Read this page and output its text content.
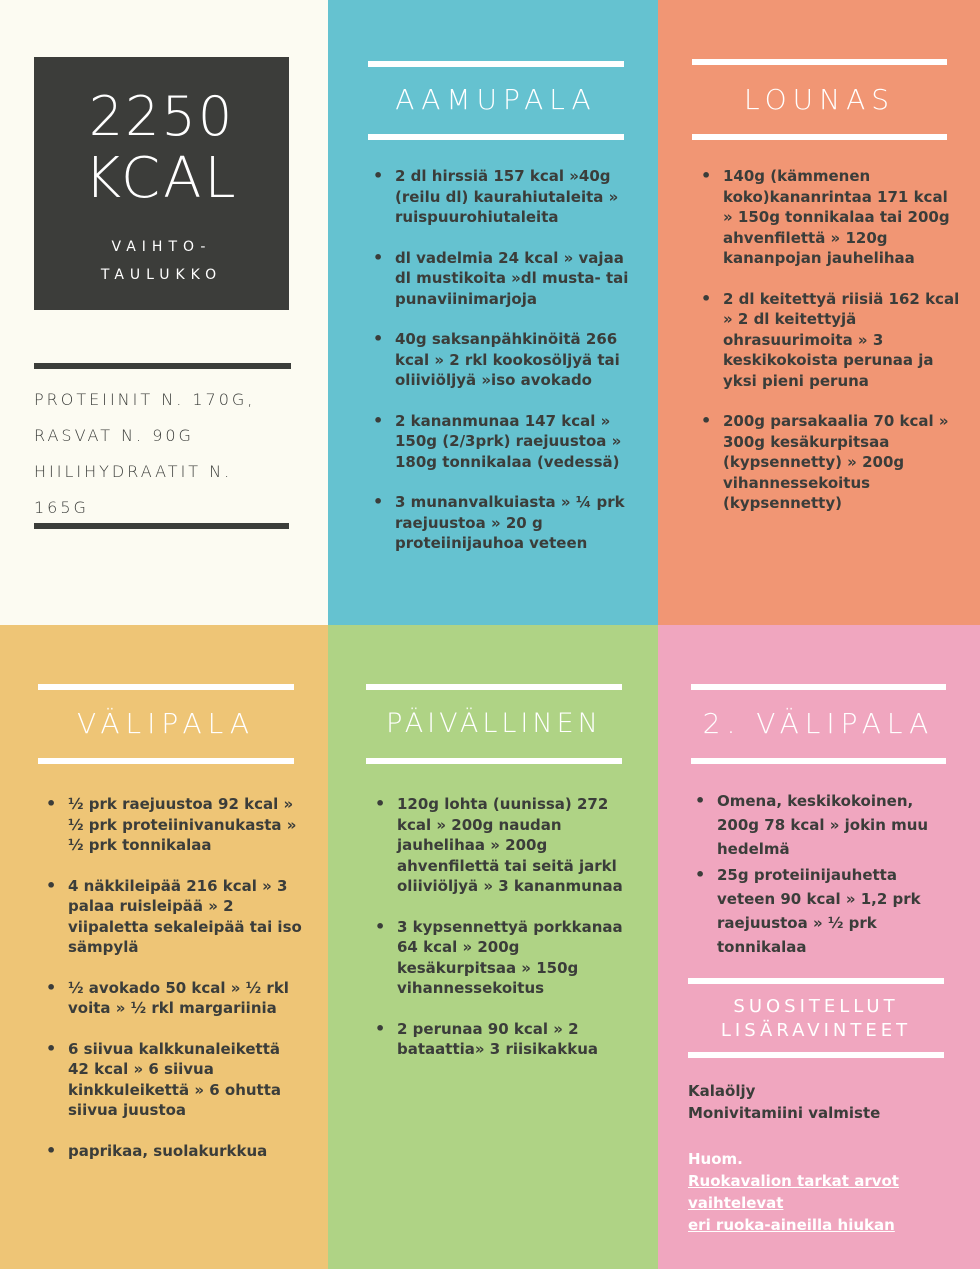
2250
KCAL
VAIHTO-
TAULUKKO
PROTEIINIT N. 170G,
RASVAT N. 90G
HIILIHYDRAATIT N.
165G
AAMUPALA
• 2 dl hirssiä 157 kcal »40g (reilu dl) kaurahiutaleita » ruispuurohiutaleita
• dl vadelmia 24 kcal » vajaa dl mustikoita »dl musta- tai punaviinimarjoja
• 40g saksanpähkinöitä 266 kcal » 2 rkl kookosöljyä tai oliiviöljyä »iso avokado
• 2 kananmunaa 147 kcal » 150g (2/3prk) raejuustoa » 180g tonnikalaa (vedessä)
• 3 munanvalkuiasta » ¼ prk raejuustoa » 20 g proteiinijauhoa veteen
LOUNAS
• 140g (kämmenen koko)kananrintaa 171 kcal » 150g tonnikalaa tai 200g ahvenfilettä » 120g kananpojan jauhelihaa
• 2 dl keitettyä riisiä 162 kcal » 2 dl keitettyjä ohrasuurimoita » 3 keskikokoista perunaa ja yksi pieni peruna
• 200g parsakaalia 70 kcal » 300g kesäkurpitsaa (kypsennetty) » 200g vihannessekoitus (kypsennetty)
VÄLIPALA
• ½ prk raejuustoa 92 kcal » ½ prk proteiinivanukasta » ½ prk tonnikalaa
• 4 näkkileipää 216 kcal » 3 palaa ruisleipää » 2 viipaletta sekaleipää tai iso sämpylä
• ½ avokado 50 kcal » ½ rkl voita » ½ rkl margariinia
• 6 siivua kalkkunaleikettä 42 kcal » 6 siivua kinkkuleikettä » 6 ohutta siivua juustoa
• paprikaa, suolakurkkua
PÄIVÄLLINEN
• 120g lohta (uunissa) 272 kcal » 200g naudan jauhelihaa » 200g ahvenfilettä tai seitä jarkl oliiviöljyä » 3 kananmunaa
• 3 kypsennettyä porkkanaa 64 kcal » 200g kesäkurpitsaa » 150g vihannessekoitus
• 2 perunaa 90 kcal » 2 bataattia» 3 riisikakkua
2. VÄLIPALA
• Omena, keskikokoinen, 200g 78 kcal » jokin muu hedelmä
• 25g proteiinijauhetta veteen 90 kcal » 1,2 prk raejuustoa » ½ prk tonnikalaa
SUOSITELLUT
LISÄRAVINTEET
Kalaöljy
Monivitamiini valmiste
Huom.
Ruokavalion tarkat arvot
vaihtelevat
eri ruoka-aineilla hiukan
